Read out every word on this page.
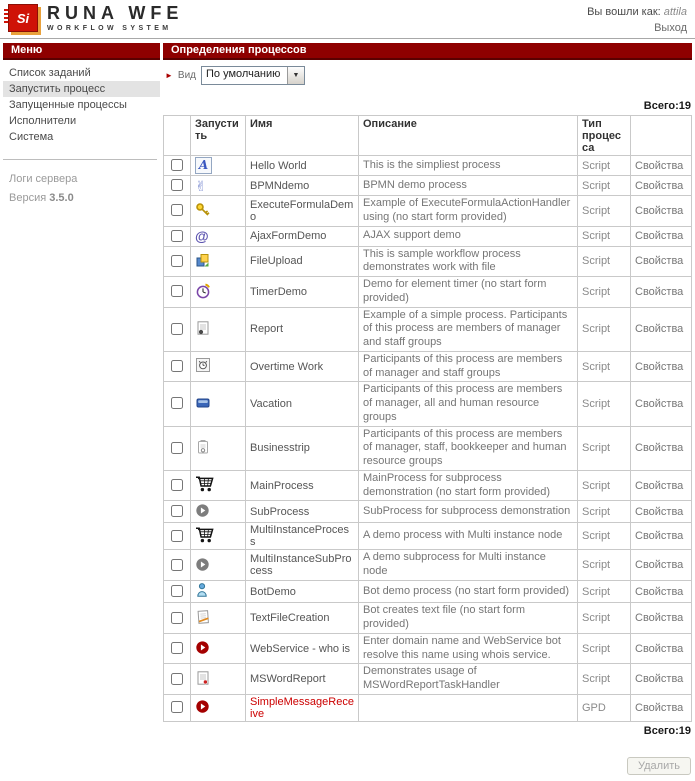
Si RUNA WFE
WORKFLOW SYSTEM
Вы вошли как: attila
Выход
Меню
Список заданий
Запустить процесс
Запущенные процессы
Исполнители
Система
Логи сервера
Версия 3.5.0
Определения процессов
► Вид По умолчанию	▼
Всего:19
	Запустить	Имя	Описание	Тип процесса	

A	Hello World	This is the simpliest process	Script	Свойства

✌	BPMNdemo	BPMN demo process	Script	Свойства

	ExecuteFormulaDemo	Example of ExecuteFormulaActionHandler using (no start form provided)	Script	Свойства

@	AjaxFormDemo	AJAX support demo	Script	Свойства

	FileUpload	This is sample workflow process demonstrates work with file	Script	Свойства

	TimerDemo	Demo for element timer (no start form provided)	Script	Свойства

	Report	Example of a simple process. Participants of this process are members of manager and staff groups	Script	Свойства

	Overtime Work	Participants of this process are members of manager and staff groups	Script	Свойства

	Vacation	Participants of this process are members of manager, all and human resource groups	Script	Свойства

	Businesstrip	Participants of this process are members of manager, staff, bookkeeper and human resource groups	Script	Свойства

	MainProcess	MainProcess for subprocess demonstration (no start form provided)	Script	Свойства

	SubProcess	SubProcess for subprocess demonstration	Script	Свойства

	MultiInstanceProcess	A demo process with Multi instance node	Script	Свойства

	MultiInstanceSubProcess	A demo subprocess for Multi instance node	Script	Свойства

	BotDemo	Bot demo process (no start form provided)	Script	Свойства

	TextFileCreation	Bot creates text file (no start form provided)	Script	Свойства

	WebService - who is	Enter domain name and WebService bot resolve this name using whois service.	Script	Свойства

	MSWordReport	Demonstrates usage of MSWordReportTaskHandler	Script	Свойства

	SimpleMessageReceive		GPD	Свойства
Всего:19
Удалить
